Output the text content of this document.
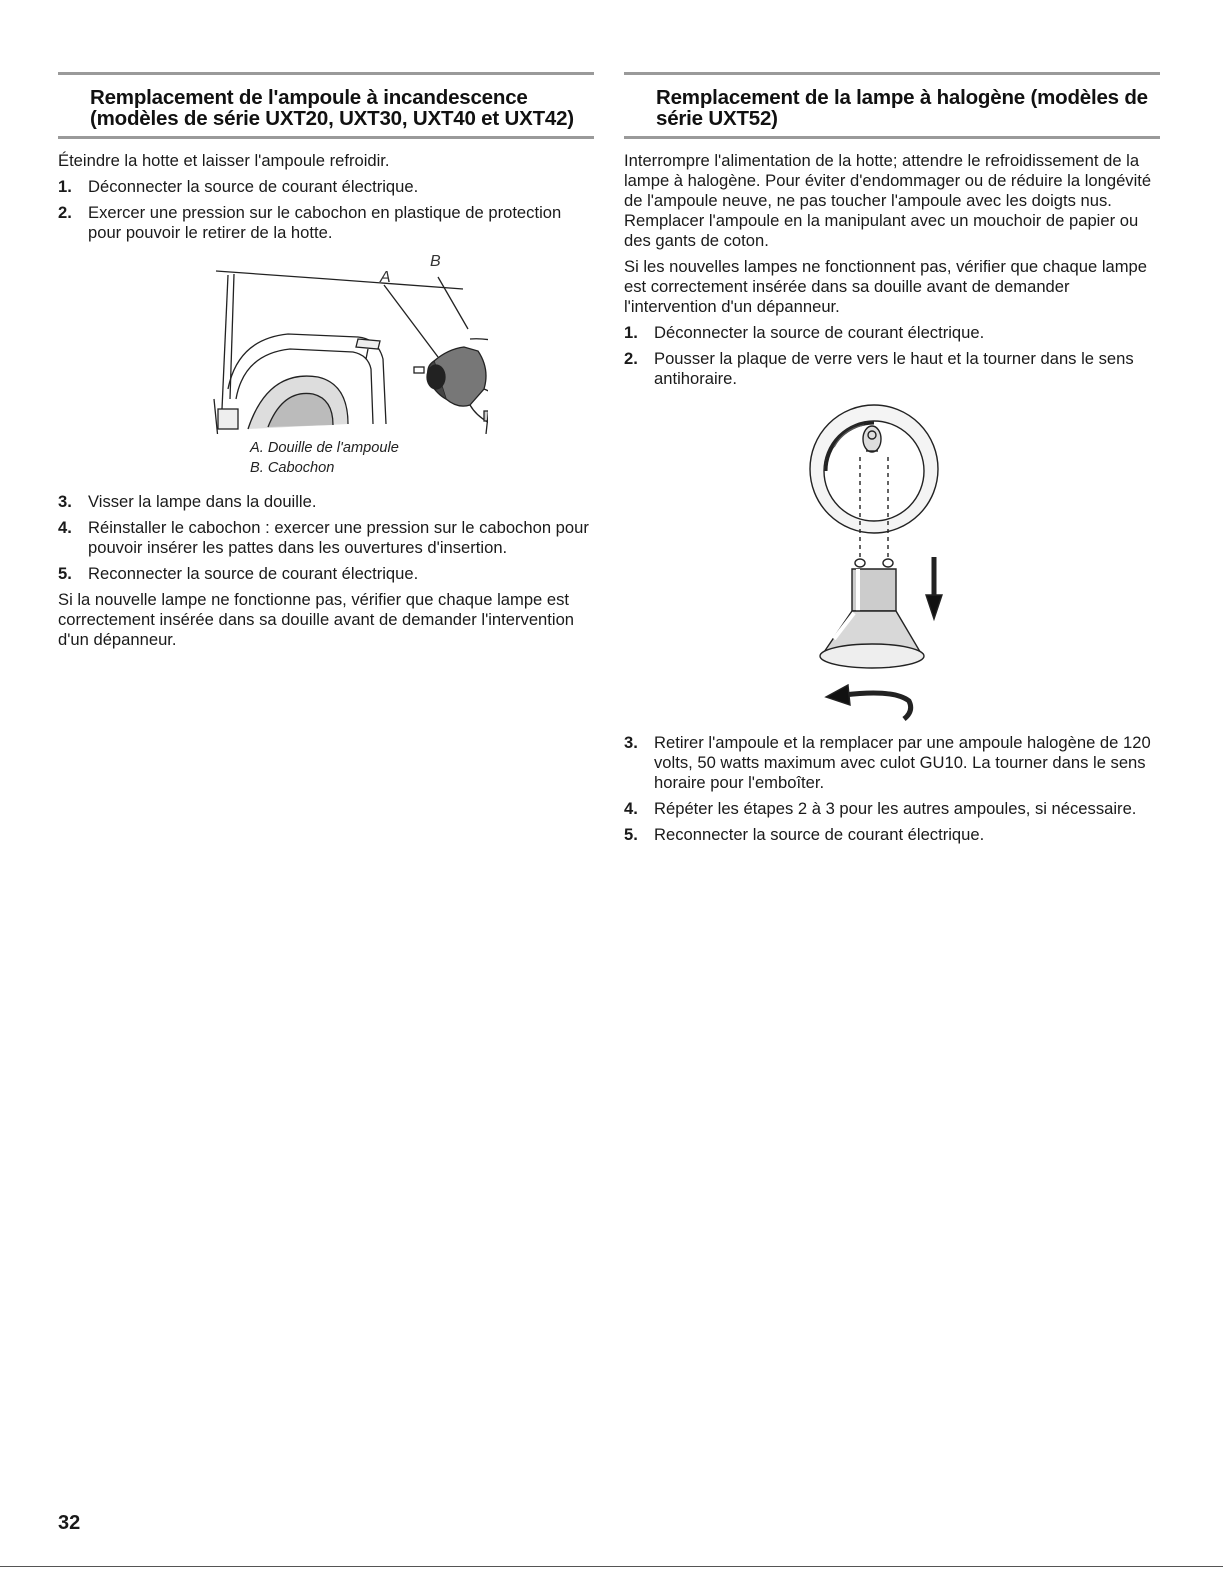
Remplacement de l'ampoule à incandescence (modèles de série UXT20, UXT30, UXT40 et UXT42)

Éteindre la hotte et laisser l'ampoule refroidir.

1. Déconnecter la source de courant électrique.
2. Exercer une pression sur le cabochon en plastique de protection pour pouvoir le retirer de la hotte.
A
B
A. Douille de l'ampoule
B. Cabochon
3. Visser la lampe dans la douille.
4. Réinstaller le cabochon : exercer une pression sur le cabochon pour pouvoir insérer les pattes dans les ouvertures d'insertion.
5. Reconnecter la source de courant électrique.

Si la nouvelle lampe ne fonctionne pas, vérifier que chaque lampe est correctement insérée dans sa douille avant de demander l'intervention d'un dépanneur.

Remplacement de la lampe à halogène (modèles de série UXT52)

Interrompre l'alimentation de la hotte; attendre le refroidissement de la lampe à halogène. Pour éviter d'endommager ou de réduire la longévité de l'ampoule neuve, ne pas toucher l'ampoule avec les doigts nus. Remplacer l'ampoule en la manipulant avec un mouchoir de papier ou des gants de coton.

Si les nouvelles lampes ne fonctionnent pas, vérifier que chaque lampe est correctement insérée dans sa douille avant de demander l'intervention d'un dépanneur.

1. Déconnecter la source de courant électrique.
2. Pousser la plaque de verre vers le haut et la tourner dans le sens antihoraire.
3. Retirer l'ampoule et la remplacer par une ampoule halogène de 120 volts, 50 watts maximum avec culot GU10. La tourner dans le sens horaire pour l'emboîter.
4. Répéter les étapes 2 à 3 pour les autres ampoules, si nécessaire.
5. Reconnecter la source de courant électrique.
32
